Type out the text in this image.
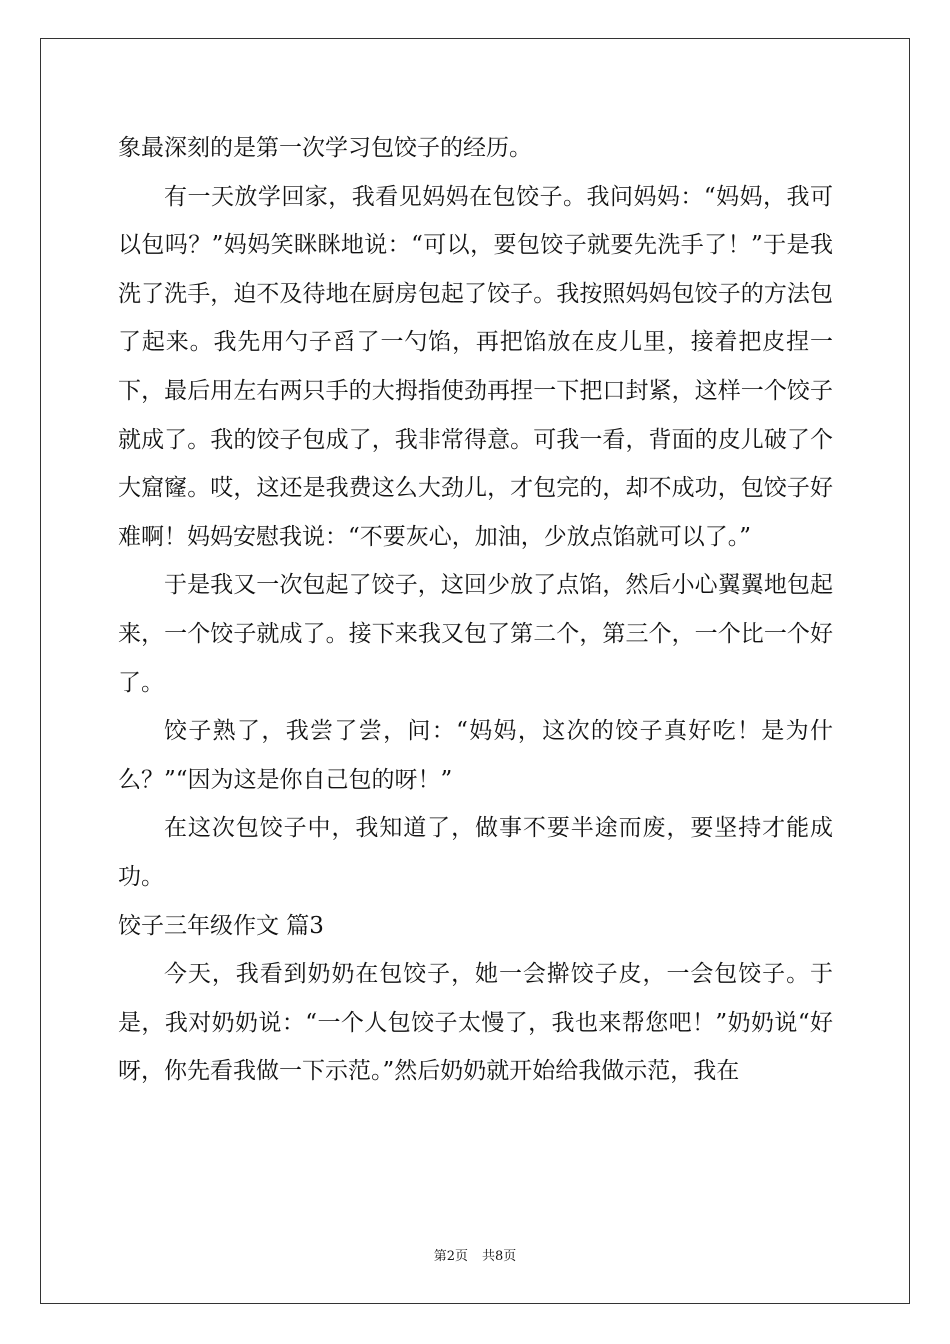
象最深刻的是第一次学习包饺子的经历。

有一天放学回家，我看见妈妈在包饺子。我问妈妈：“妈妈，我可以包吗？”妈妈笑眯眯地说：“可以，要包饺子就要先洗手了！”于是我洗了洗手，迫不及待地在厨房包起了饺子。我按照妈妈包饺子的方法包了起来。我先用勺子舀了一勺馅，再把馅放在皮儿里，接着把皮捏一下，最后用左右两只手的大拇指使劲再捏一下把口封紧，这样一个饺子就成了。我的饺子包成了，我非常得意。可我一看，背面的皮儿破了个大窟窿。哎，这还是我费这么大劲儿，才包完的，却不成功，包饺子好难啊！妈妈安慰我说：“不要灰心，加油，少放点馅就可以了。”

于是我又一次包起了饺子，这回少放了点馅，然后小心翼翼地包起来，一个饺子就成了。接下来我又包了第二个，第三个，一个比一个好了。

饺子熟了，我尝了尝，问：“妈妈，这次的饺子真好吃！是为什么？”“因为这是你自己包的呀！”

在这次包饺子中，我知道了，做事不要半途而废，要坚持才能成功。

饺子三年级作文 篇3

今天，我看到奶奶在包饺子，她一会擀饺子皮，一会包饺子。于是，我对奶奶说：“一个人包饺子太慢了，我也来帮您吧！”奶奶说“好呀，你先看我做一下示范。”然后奶奶就开始给我做示范，我在

第2页 共8页
